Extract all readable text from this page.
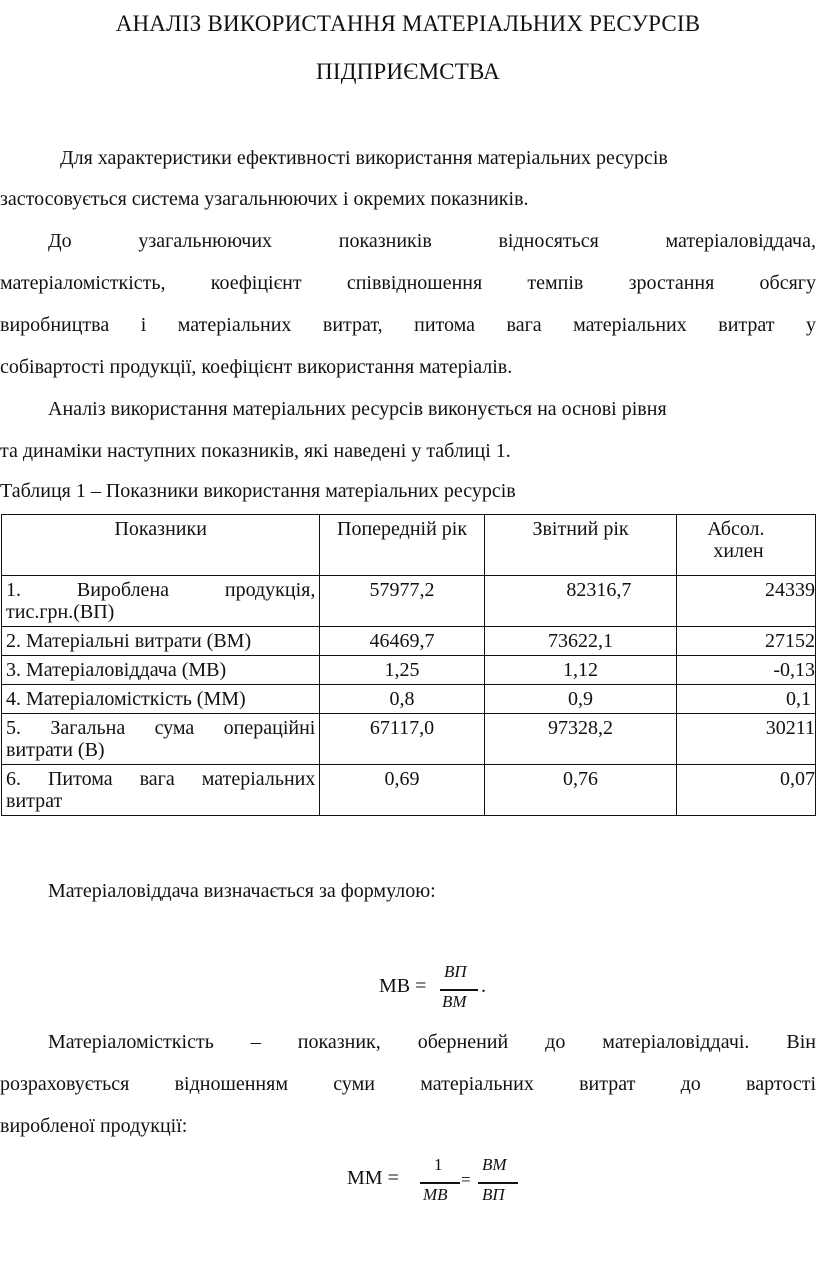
АНАЛІЗ ВИКОРИСТАННЯ МАТЕРІАЛЬНИХ РЕСУРСІВ
ПІДПРИЄМСТВА
Для характеристики ефективності використання матеріальних ресурсів
застосовується система узагальнюючих і окремих показників.
До узагальнюючих показників відносяться матеріаловіддача,
матеріаломісткість, коефіцієнт співвідношення темпів зростання обсягу
виробництва і матеріальних витрат, питома вага матеріальних витрат у
собівартості продукції, коефіцієнт використання матеріалів.
Аналіз використання матеріальних ресурсів виконується на основі рівня
та динаміки наступних показників, які наведені у таблиці 1.
Таблиця 1 – Показники використання матеріальних ресурсів
Показники	Попередній рік	Звітний рік	Абсол.
хилен

1. Вироблена продукція,
тис.грн.(ВП)	57977,2	82316,7	24339
2. Матеріальні витрати (ВМ)	46469,7	73622,1	27152
3. Матеріаловіддача (МВ)	1,25	1,12	-0,13
4. Матеріаломісткість (ММ)	0,8	0,9	0,1

5. Загальна сума операційні
витрати (В)	67117,0	97328,2	30211

6. Питома вага матеріальних
витрат	0,69	0,76	0,07
Матеріаловіддача визначається за формулою:
МВ =
ВП
ВМ
.
Матеріаломісткість – показник, обернений до матеріаловіддачі. Він
розраховується відношенням суми матеріальних витрат до вартості
виробленої продукції:
ММ =
1
МВ
=
ВМ
ВП
